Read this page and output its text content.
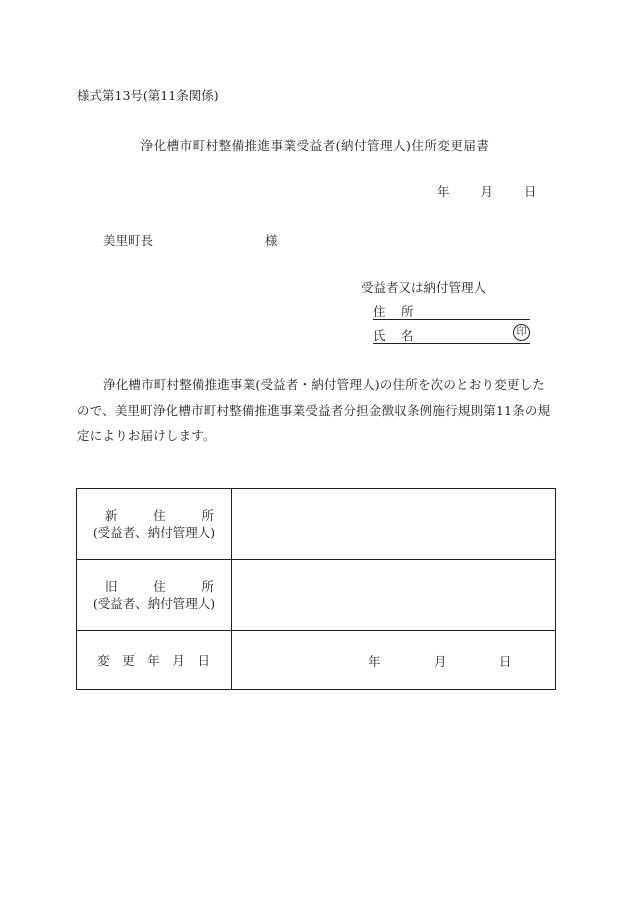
様式第13号(第11条関係)
浄化槽市町村整備推進事業受益者(納付管理人)住所変更届書
年 月 日
美里町長	様
受益者又は納付管理人
住 所
氏 名	印

浄化槽市町村整備推進事業(受益者・納付管理人)の住所を次のとおり変更したので、美里町浄化槽市町村整備推進事業受益者分担金徴収条例施行規則第11条の規定によりお届けします。

新 住 所
(受益者、納付管理人)	

旧 住 所
(受益者、納付管理人)	

変 更 年 月 日	年 月 日
